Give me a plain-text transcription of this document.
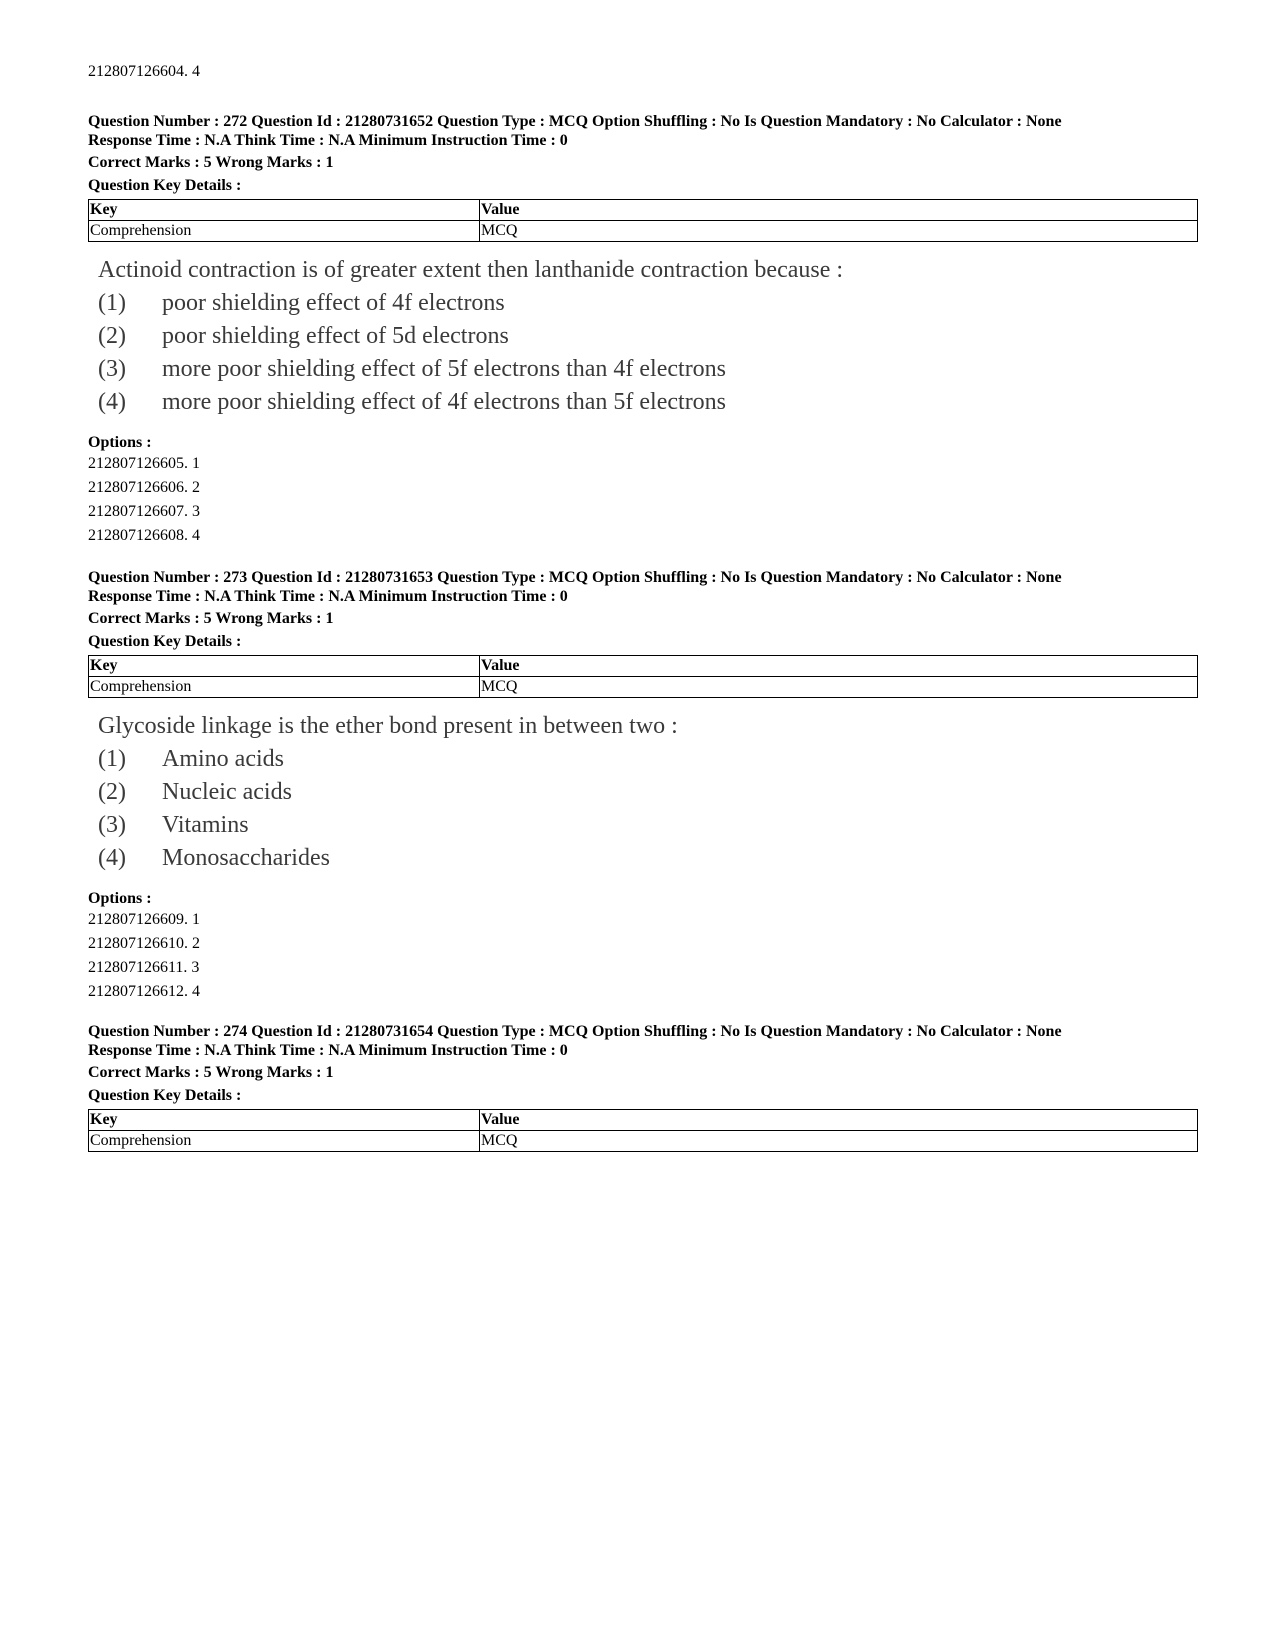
212807126604. 4
Question Number : 272 Question Id : 21280731652 Question Type : MCQ Option Shuffling : No Is Question Mandatory : No Calculator : None
Response Time : N.A Think Time : N.A Minimum Instruction Time : 0
Correct Marks : 5 Wrong Marks : 1
Question Key Details :
Key	Value
Comprehension	MCQ
Actinoid contraction is of greater extent then lanthanide contraction because :
(1)	poor shielding effect of 4f electrons
(2)	poor shielding effect of 5d electrons
(3)	more poor shielding effect of 5f electrons than 4f electrons
(4)	more poor shielding effect of 4f electrons than 5f electrons
Options :
212807126605. 1
212807126606. 2
212807126607. 3
212807126608. 4
Question Number : 273 Question Id : 21280731653 Question Type : MCQ Option Shuffling : No Is Question Mandatory : No Calculator : None
Response Time : N.A Think Time : N.A Minimum Instruction Time : 0
Correct Marks : 5 Wrong Marks : 1
Question Key Details :
Key	Value
Comprehension	MCQ
Glycoside linkage is the ether bond present in between two :
(1)	Amino acids
(2)	Nucleic acids
(3)	Vitamins
(4)	Monosaccharides
Options :
212807126609. 1
212807126610. 2
212807126611. 3
212807126612. 4
Question Number : 274 Question Id : 21280731654 Question Type : MCQ Option Shuffling : No Is Question Mandatory : No Calculator : None
Response Time : N.A Think Time : N.A Minimum Instruction Time : 0
Correct Marks : 5 Wrong Marks : 1
Question Key Details :
Key	Value
Comprehension	MCQ
